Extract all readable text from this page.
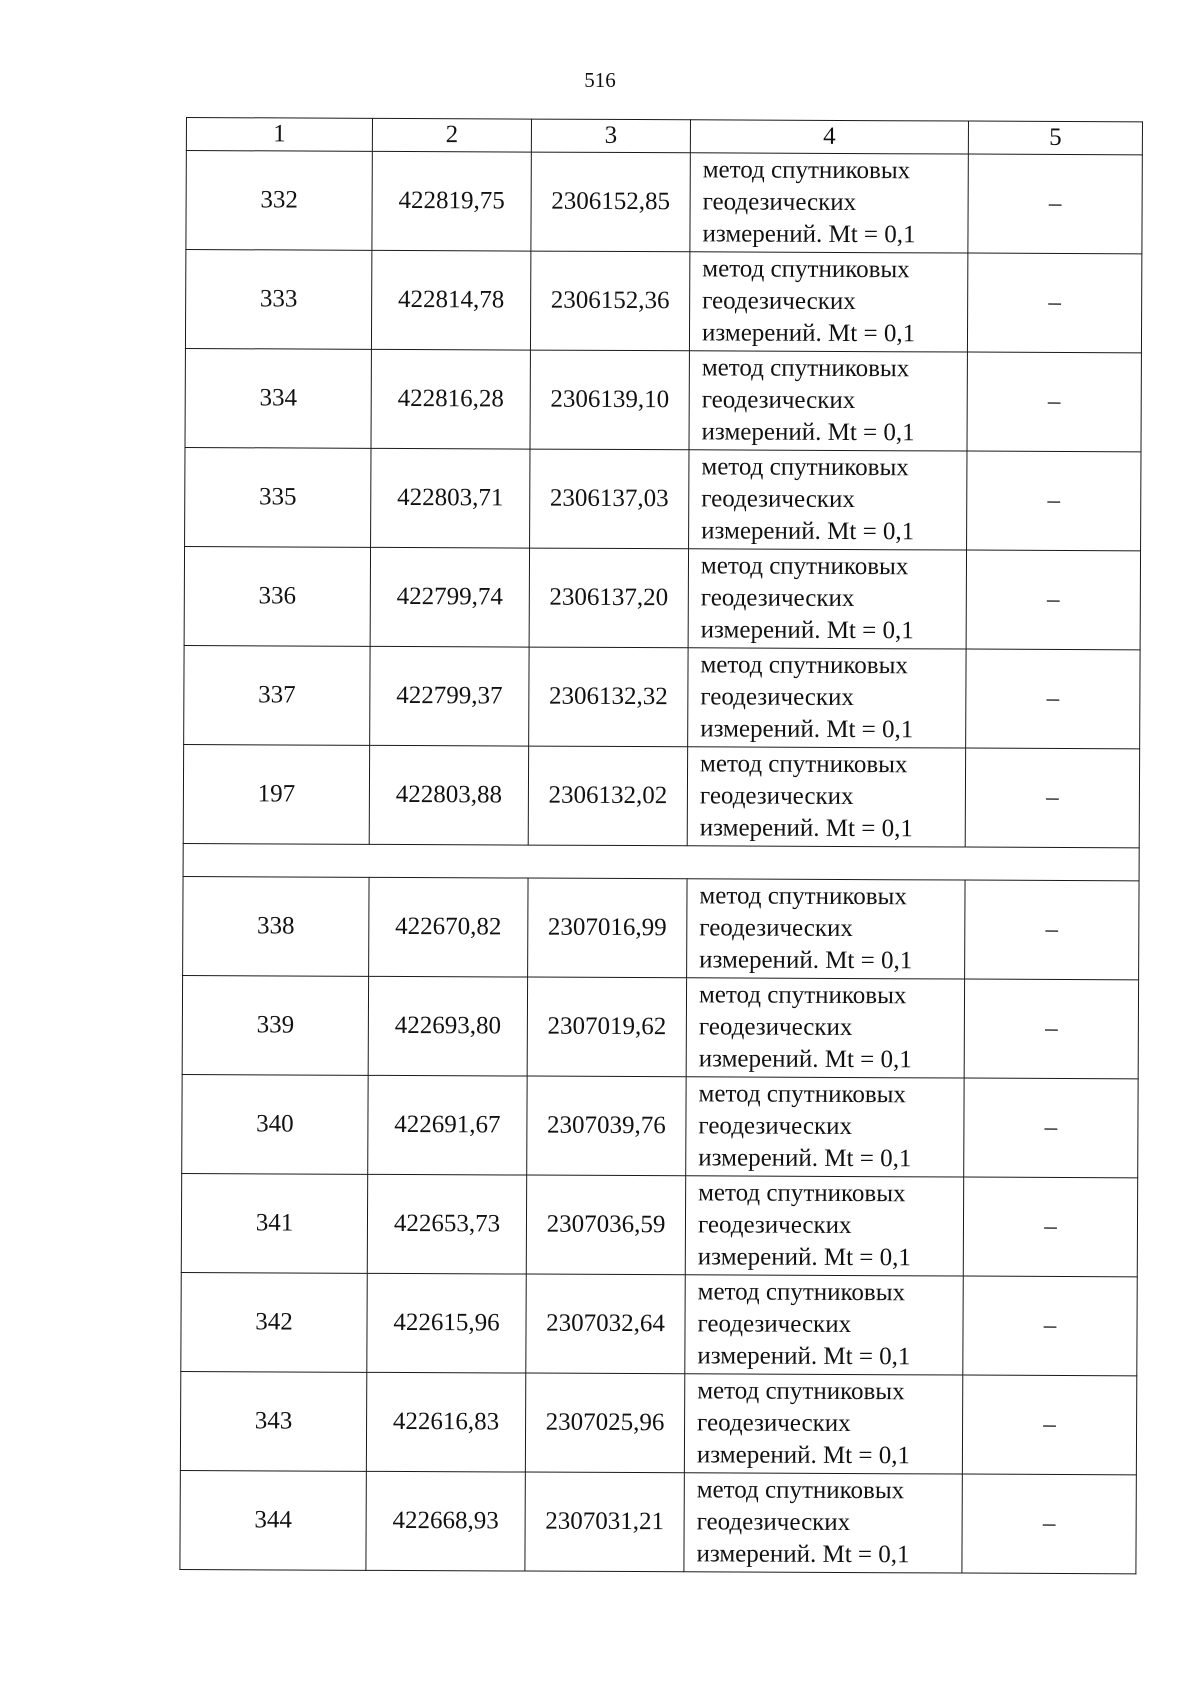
516
1	2	3	4	5
332	422819,75	2306152,85	метод спутниковых
геодезических
измерений. Mt = 0,1	–
333	422814,78	2306152,36	метод спутниковых
геодезических
измерений. Mt = 0,1	–
334	422816,28	2306139,10	метод спутниковых
геодезических
измерений. Mt = 0,1	–
335	422803,71	2306137,03	метод спутниковых
геодезических
измерений. Mt = 0,1	–
336	422799,74	2306137,20	метод спутниковых
геодезических
измерений. Mt = 0,1	–
337	422799,37	2306132,32	метод спутниковых
геодезических
измерений. Mt = 0,1	–
197	422803,88	2306132,02	метод спутниковых
геодезических
измерений. Mt = 0,1	–

338	422670,82	2307016,99	метод спутниковых
геодезических
измерений. Mt = 0,1	–
339	422693,80	2307019,62	метод спутниковых
геодезических
измерений. Mt = 0,1	–
340	422691,67	2307039,76	метод спутниковых
геодезических
измерений. Mt = 0,1	–
341	422653,73	2307036,59	метод спутниковых
геодезических
измерений. Mt = 0,1	–
342	422615,96	2307032,64	метод спутниковых
геодезических
измерений. Mt = 0,1	–
343	422616,83	2307025,96	метод спутниковых
геодезических
измерений. Mt = 0,1	–
344	422668,93	2307031,21	метод спутниковых
геодезических
измерений. Mt = 0,1	–
